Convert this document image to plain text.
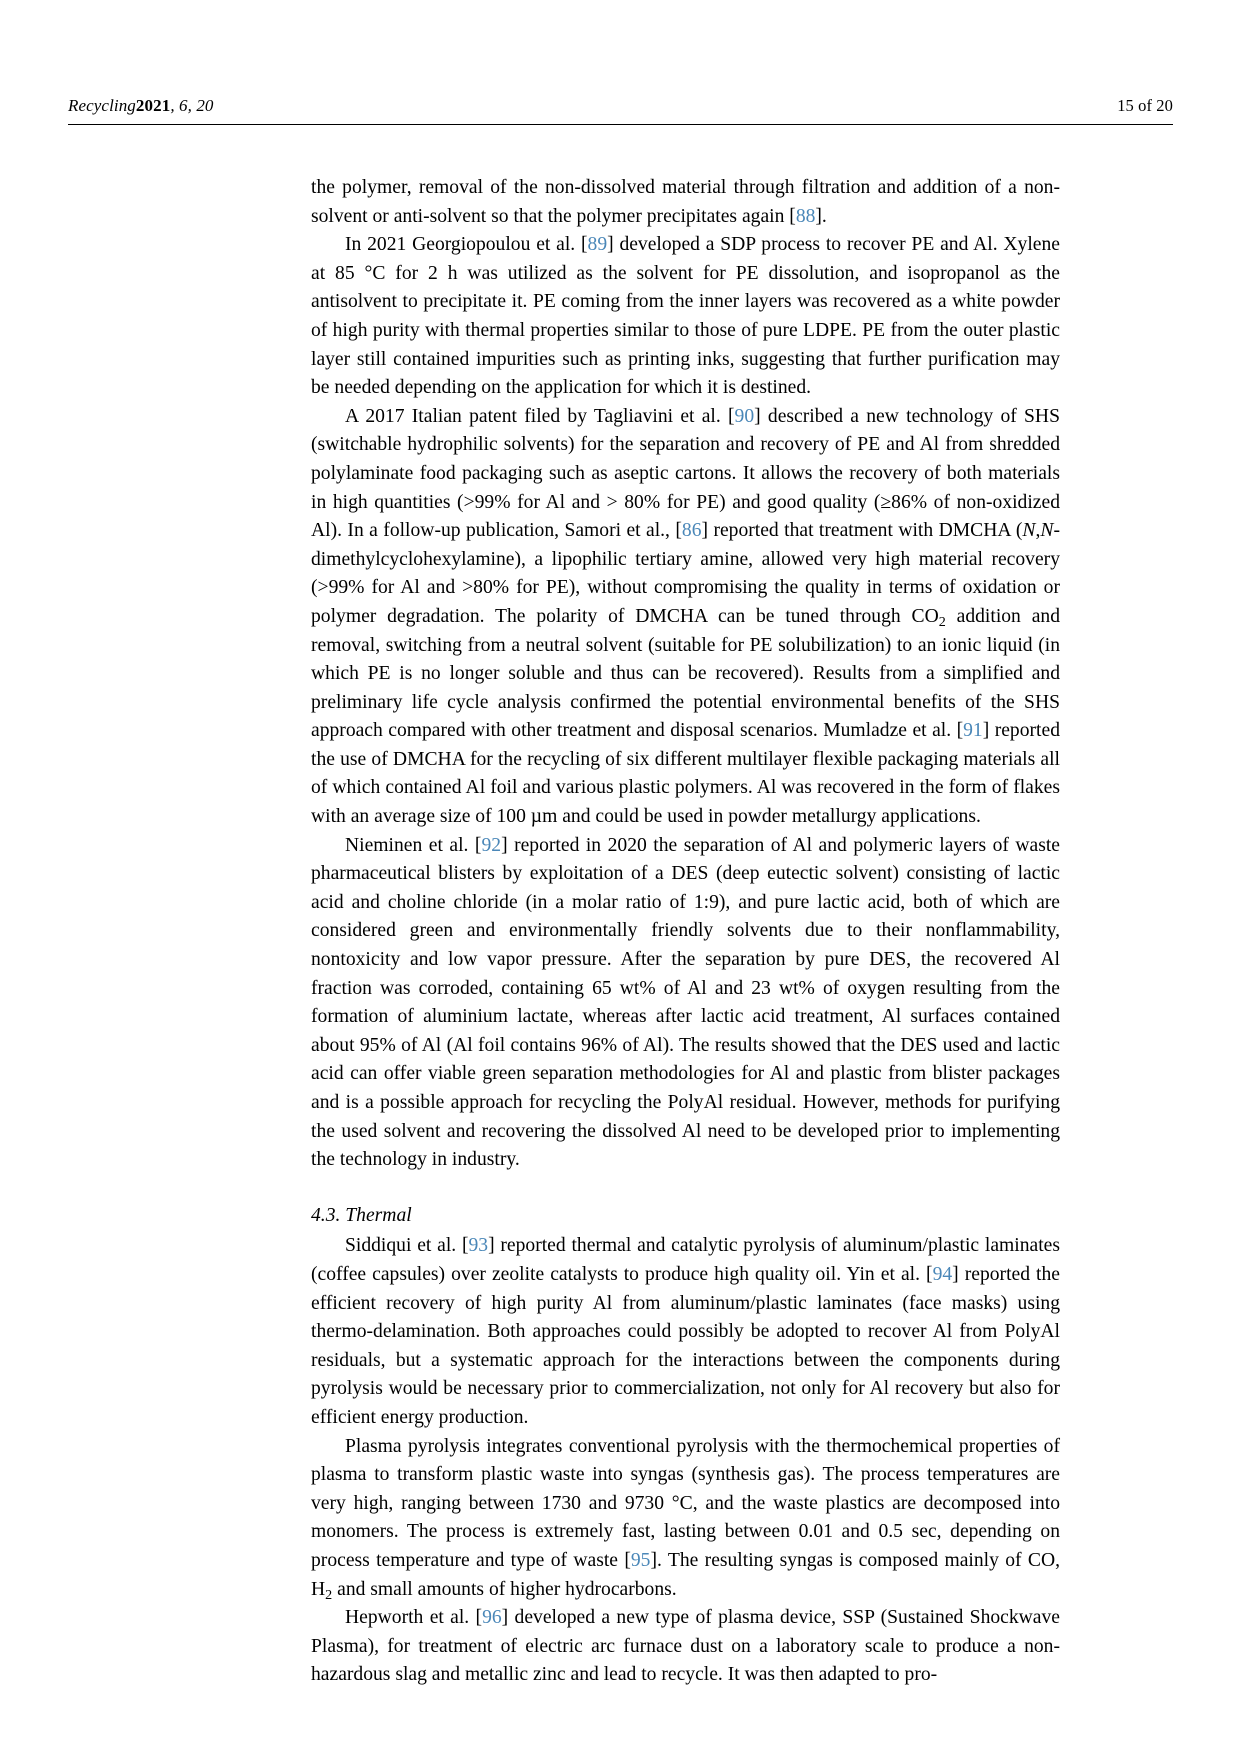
Recycling2021, 6, 20	15 of 20

the polymer, removal of the non-dissolved material through filtration and addition of a non-solvent or anti-solvent so that the polymer precipitates again [88].

In 2021 Georgiopoulou et al. [89] developed a SDP process to recover PE and Al. Xylene at 85 °C for 2 h was utilized as the solvent for PE dissolution, and isopropanol as the antisolvent to precipitate it. PE coming from the inner layers was recovered as a white powder of high purity with thermal properties similar to those of pure LDPE. PE from the outer plastic layer still contained impurities such as printing inks, suggesting that further purification may be needed depending on the application for which it is destined.

A 2017 Italian patent filed by Tagliavini et al. [90] described a new technology of SHS (switchable hydrophilic solvents) for the separation and recovery of PE and Al from shredded polylaminate food packaging such as aseptic cartons. It allows the recovery of both materials in high quantities (>99% for Al and > 80% for PE) and good quality (≥86% of non-oxidized Al). In a follow-up publication, Samori et al., [86] reported that treatment with DMCHA (N,N-dimethylcyclohexylamine), a lipophilic tertiary amine, allowed very high material recovery (>99% for Al and >80% for PE), without compromising the quality in terms of oxidation or polymer degradation. The polarity of DMCHA can be tuned through $CO_2$ addition and removal, switching from a neutral solvent (suitable for PE solubilization) to an ionic liquid (in which PE is no longer soluble and thus can be recovered). Results from a simplified and preliminary life cycle analysis confirmed the potential environmental benefits of the SHS approach compared with other treatment and disposal scenarios. Mumladze et al. [91] reported the use of DMCHA for the recycling of six different multilayer flexible packaging materials all of which contained Al foil and various plastic polymers. Al was recovered in the form of flakes with an average size of 100 µm and could be used in powder metallurgy applications.

Nieminen et al. [92] reported in 2020 the separation of Al and polymeric layers of waste pharmaceutical blisters by exploitation of a DES (deep eutectic solvent) consisting of lactic acid and choline chloride (in a molar ratio of 1:9), and pure lactic acid, both of which are considered green and environmentally friendly solvents due to their nonflammability, nontoxicity and low vapor pressure. After the separation by pure DES, the recovered Al fraction was corroded, containing 65 wt% of Al and 23 wt% of oxygen resulting from the formation of aluminium lactate, whereas after lactic acid treatment, Al surfaces contained about 95% of Al (Al foil contains 96% of Al). The results showed that the DES used and lactic acid can offer viable green separation methodologies for Al and plastic from blister packages and is a possible approach for recycling the PolyAl residual. However, methods for purifying the used solvent and recovering the dissolved Al need to be developed prior to implementing the technology in industry.

4.3. Thermal

Siddiqui et al. [93] reported thermal and catalytic pyrolysis of aluminum/plastic laminates (coffee capsules) over zeolite catalysts to produce high quality oil. Yin et al. [94] reported the efficient recovery of high purity Al from aluminum/plastic laminates (face masks) using thermo-delamination. Both approaches could possibly be adopted to recover Al from PolyAl residuals, but a systematic approach for the interactions between the components during pyrolysis would be necessary prior to commercialization, not only for Al recovery but also for efficient energy production.

Plasma pyrolysis integrates conventional pyrolysis with the thermochemical properties of plasma to transform plastic waste into syngas (synthesis gas). The process temperatures are very high, ranging between 1730 and 9730 °C, and the waste plastics are decomposed into monomers. The process is extremely fast, lasting between 0.01 and 0.5 sec, depending on process temperature and type of waste [95]. The resulting syngas is composed mainly of CO, $H_2$ and small amounts of higher hydrocarbons.

Hepworth et al. [96] developed a new type of plasma device, SSP (Sustained Shockwave Plasma), for treatment of electric arc furnace dust on a laboratory scale to produce a non-hazardous slag and metallic zinc and lead to recycle. It was then adapted to pro-
